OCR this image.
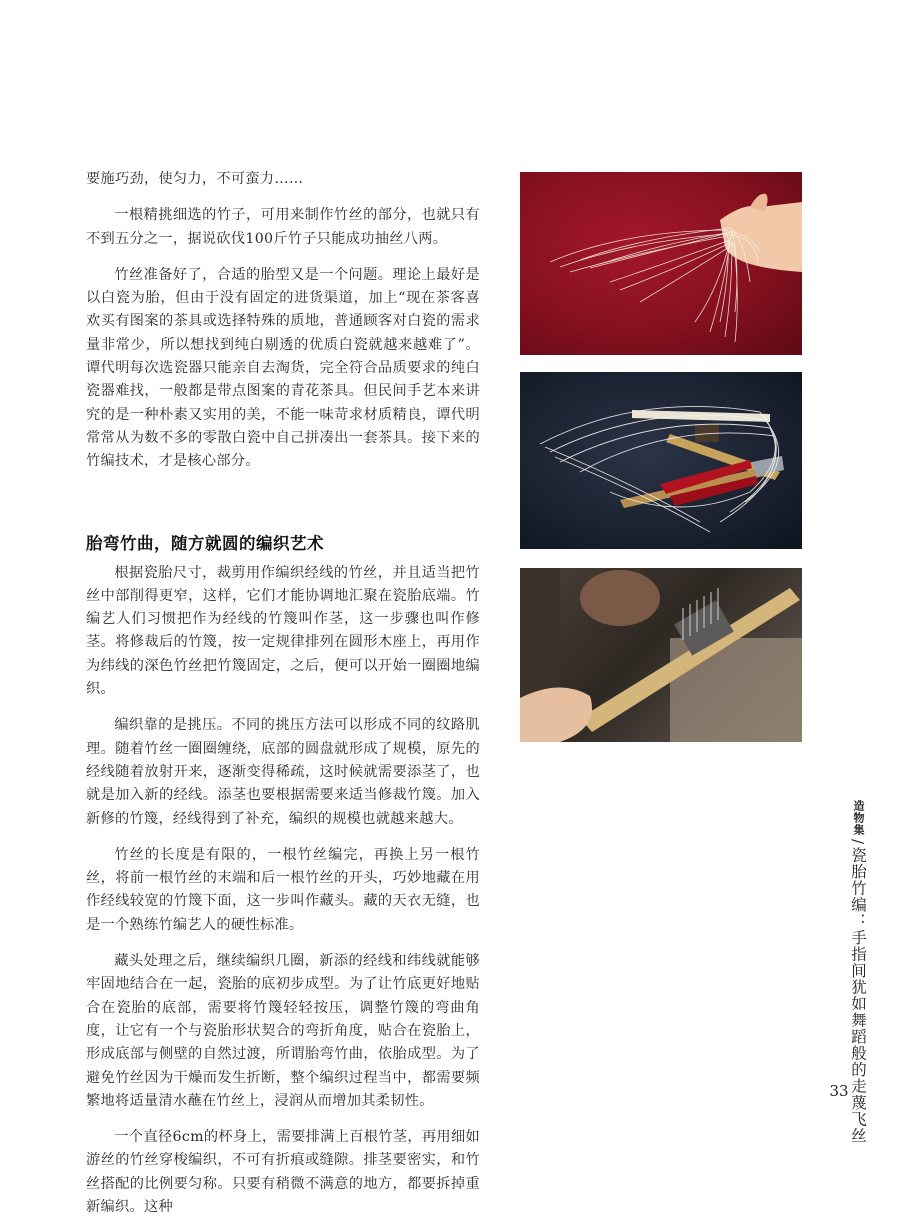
要施巧劲，使匀力，不可蛮力……

一根精挑细选的竹子，可用来制作竹丝的部分，也就只有不到五分之一，据说砍伐100斤竹子只能成功抽丝八两。

竹丝准备好了，合适的胎型又是一个问题。理论上最好是以白瓷为胎，但由于没有固定的进货渠道，加上“现在茶客喜欢买有图案的茶具或选择特殊的质地，普通顾客对白瓷的需求量非常少，所以想找到纯白剔透的优质白瓷就越来越难了”。谭代明每次选瓷器只能亲自去淘货，完全符合品质要求的纯白瓷器难找，一般都是带点图案的青花茶具。但民间手艺本来讲究的是一种朴素又实用的美，不能一味苛求材质精良，谭代明常常从为数不多的零散白瓷中自己拼凑出一套茶具。接下来的竹编技术，才是核心部分。

胎弯竹曲，随方就圆的编织艺术

根据瓷胎尺寸，裁剪用作编织经线的竹丝，并且适当把竹丝中部削得更窄，这样，它们才能协调地汇聚在瓷胎底端。竹编艺人们习惯把作为经线的竹篾叫作茎，这一步骤也叫作修茎。将修裁后的竹篾，按一定规律排列在圆形木座上，再用作为纬线的深色竹丝把竹篾固定，之后，便可以开始一圈圈地编织。

编织靠的是挑压。不同的挑压方法可以形成不同的纹路肌理。随着竹丝一圈圈缠绕，底部的圆盘就形成了规模，原先的经线随着放射开来，逐渐变得稀疏，这时候就需要添茎了，也就是加入新的经线。添茎也要根据需要来适当修裁竹篾。加入新修的竹篾，经线得到了补充，编织的规模也就越来越大。

竹丝的长度是有限的，一根竹丝编完，再换上另一根竹丝，将前一根竹丝的末端和后一根竹丝的开头，巧妙地藏在用作经线较宽的竹篾下面，这一步叫作藏头。藏的天衣无缝，也是一个熟练竹编艺人的硬性标准。

藏头处理之后，继续编织几圈，新添的经线和纬线就能够牢固地结合在一起，瓷胎的底初步成型。为了让竹底更好地贴合在瓷胎的底部，需要将竹篾轻轻按压，调整竹篾的弯曲角度，让它有一个与瓷胎形状契合的弯折角度，贴合在瓷胎上，形成底部与侧壁的自然过渡，所谓胎弯竹曲，依胎成型。为了避免竹丝因为干燥而发生折断，整个编织过程当中，都需要频繁地将适量清水蘸在竹丝上，浸润从而增加其柔韧性。

一个直径6cm的杯身上，需要排满上百根竹茎，再用细如游丝的竹丝穿梭编织，不可有折痕或缝隙。排茎要密实，和竹丝搭配的比例要匀称。只要有稍微不满意的地方，都要拆掉重新编织。这种

造物集/瓷胎竹编：手指间犹如舞蹈般的走蔑飞丝
33
